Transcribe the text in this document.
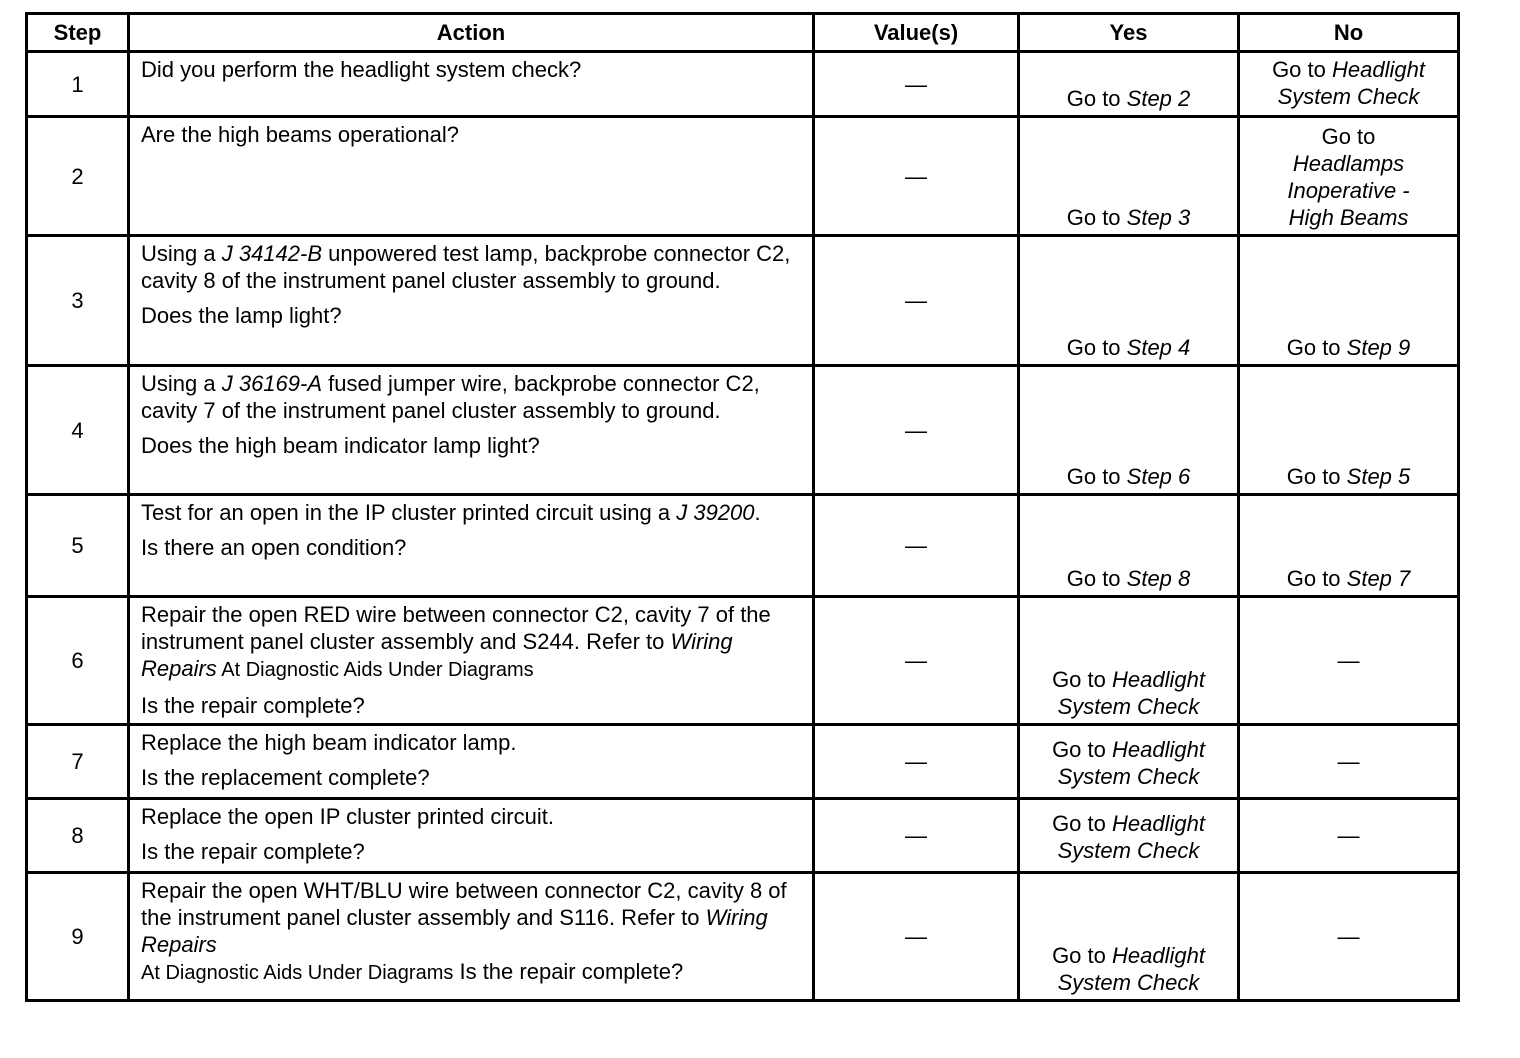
Step	Action	Value(s)	Yes	No
1	Did you perform the headlight system check?	—	Go to Step 2	Go to Headlight
System Check

2	Are the high beams operational?	—	Go to Step 3	Go to
Headlamps
Inoperative -
High Beams

3	Using a J 34142-B unpowered test lamp, backprobe connector C2, cavity 8 of the instrument panel cluster assembly to ground.
Does the lamp light?	—	Go to Step 4	Go to Step 9
4	Using a J 36169-A fused jumper wire, backprobe connector C2, cavity 7 of the instrument panel cluster assembly to ground.
Does the high beam indicator lamp light?	—	Go to Step 6	Go to Step 5
5	Test for an open in the IP cluster printed circuit using a J 39200.
Is there an open condition?	—	Go to Step 8	Go to Step 7
6	Repair the open RED wire between connector C2, cavity 7 of the instrument panel cluster assembly and S244. Refer to Wiring Repairs At Diagnostic Aids Under Diagrams
Is the repair complete?	—	Go to Headlight
System Check	—
7	Replace the high beam indicator lamp.
Is the replacement complete?	—	Go to Headlight
System Check	—
8	Replace the open IP cluster printed circuit.
Is the repair complete?	—	Go to Headlight
System Check	—
9	Repair the open WHT/BLU wire between connector C2, cavity 8 of the instrument panel cluster assembly and S116. Refer to Wiring Repairs
At Diagnostic Aids Under Diagrams Is the repair complete?	—	Go to Headlight
System Check	—
